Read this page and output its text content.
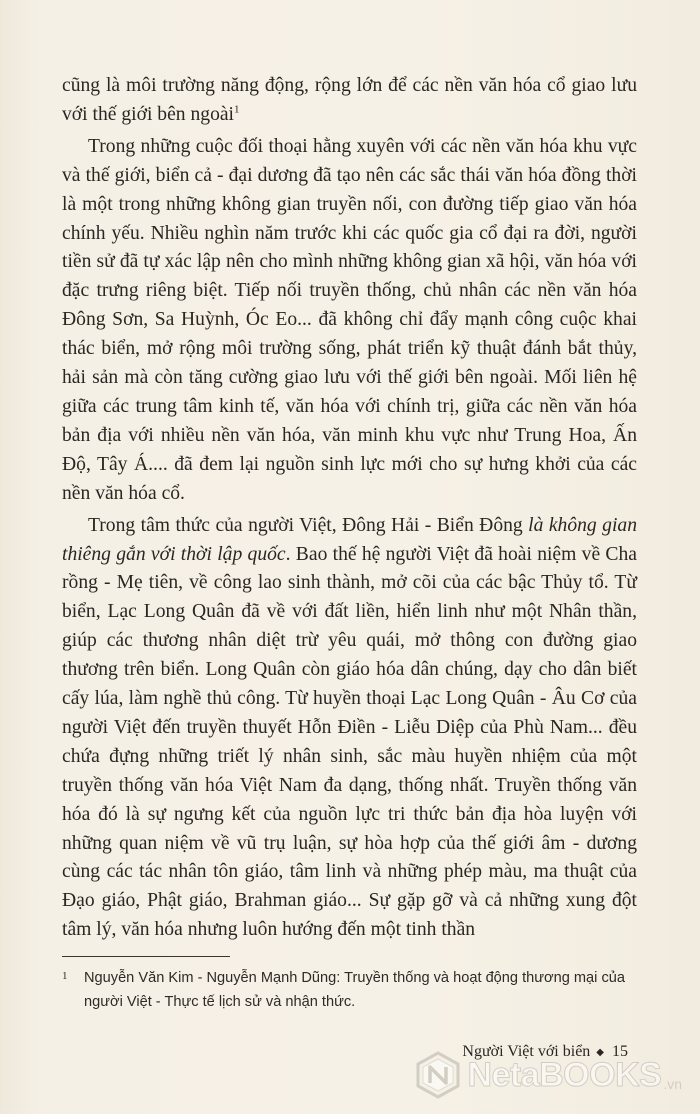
cũng là môi trường năng động, rộng lớn để các nền văn hóa cổ giao lưu với thế giới bên ngoài$^1$

Trong những cuộc đối thoại hằng xuyên với các nền văn hóa khu vực và thế giới, biển cả - đại dương đã tạo nên các sắc thái văn hóa đồng thời là một trong những không gian truyền nối, con đường tiếp giao văn hóa chính yếu. Nhiều nghìn năm trước khi các quốc gia cổ đại ra đời, người tiền sử đã tự xác lập nên cho mình những không gian xã hội, văn hóa với đặc trưng riêng biệt. Tiếp nối truyền thống, chủ nhân các nền văn hóa Đông Sơn, Sa Huỳnh, Óc Eo... đã không chỉ đẩy mạnh công cuộc khai thác biển, mở rộng môi trường sống, phát triển kỹ thuật đánh bắt thủy, hải sản mà còn tăng cường giao lưu với thế giới bên ngoài. Mối liên hệ giữa các trung tâm kinh tế, văn hóa với chính trị, giữa các nền văn hóa bản địa với nhiều nền văn hóa, văn minh khu vực như Trung Hoa, Ấn Độ, Tây Á.... đã đem lại nguồn sinh lực mới cho sự hưng khởi của các nền văn hóa cổ.

Trong tâm thức của người Việt, Đông Hải - Biển Đông là không gian thiêng gắn với thời lập quốc. Bao thế hệ người Việt đã hoài niệm về Cha rồng - Mẹ tiên, về công lao sinh thành, mở cõi của các bậc Thủy tổ. Từ biển, Lạc Long Quân đã về với đất liền, hiển linh như một Nhân thần, giúp các thương nhân diệt trừ yêu quái, mở thông con đường giao thương trên biển. Long Quân còn giáo hóa dân chúng, dạy cho dân biết cấy lúa, làm nghề thủ công. Từ huyền thoại Lạc Long Quân - Âu Cơ của người Việt đến truyền thuyết Hỗn Điền - Liễu Diệp của Phù Nam... đều chứa đựng những triết lý nhân sinh, sắc màu huyền nhiệm của một truyền thống văn hóa Việt Nam đa dạng, thống nhất. Truyền thống văn hóa đó là sự ngưng kết của nguồn lực tri thức bản địa hòa luyện với những quan niệm về vũ trụ luận, sự hòa hợp của thế giới âm - dương cùng các tác nhân tôn giáo, tâm linh và những phép màu, ma thuật của Đạo giáo, Phật giáo, Brahman giáo... Sự gặp gỡ và cả những xung đột tâm lý, văn hóa nhưng luôn hướng đến một tinh thần

1	Nguyễn Văn Kim - Nguyễn Mạnh Dũng: Truyền thống và hoạt động thương mại của người Việt - Thực tế lịch sử và nhận thức.
Người Việt với biển ◆ 15
NetaBOOKS .vn
